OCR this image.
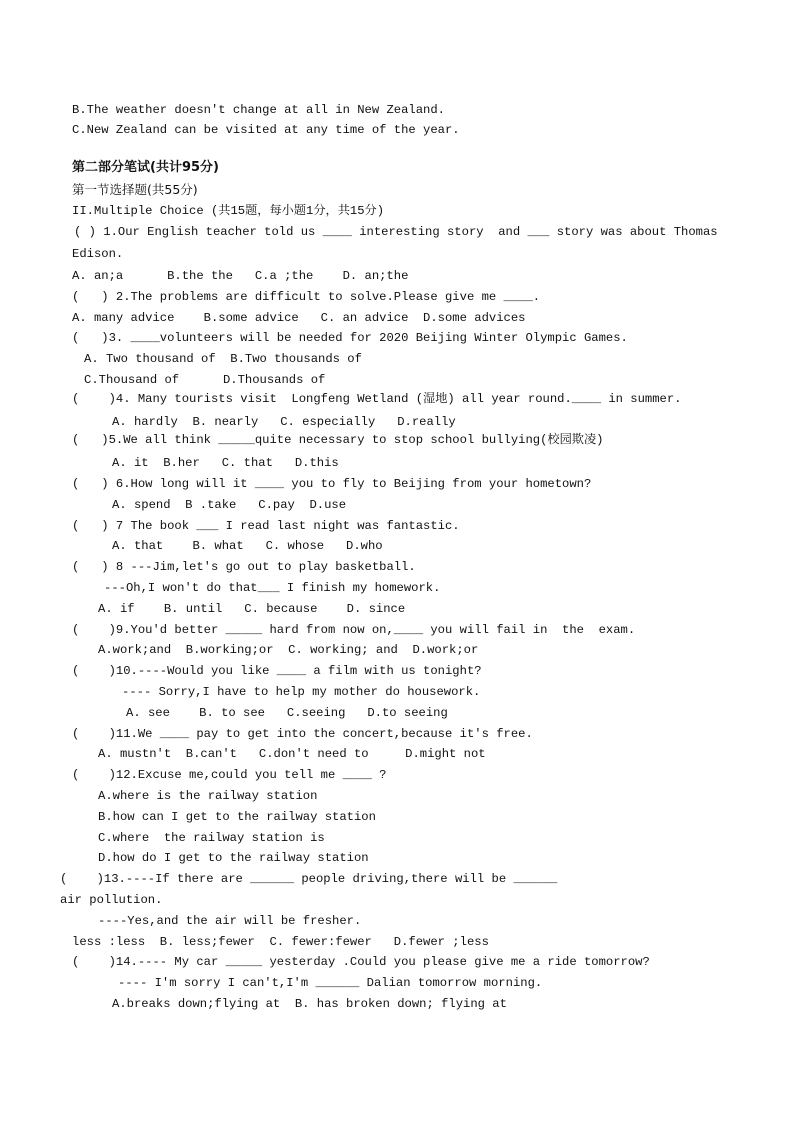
B.The weather doesn't change at all in New Zealand.
C.New Zealand can be visited at any time of the year.
第二部分笔试(共计95分)
第一节选择题(共55分)
II.Multiple Choice (共15题，每小题1分，共15分)
( ) 1.Our English teacher told us ____ interesting story  and ___ story was about Thomas
Edison.
A. an;a      B.the the   C.a ;the    D. an;the
(   ) 2.The problems are difficult to solve.Please give me ____.
A. many advice    B.some advice   C. an advice  D.some advices
(   )3. ____volunteers will be needed for 2020 Beijing Winter Olympic Games.
A. Two thousand of  B.Two thousands of
C.Thousand of      D.Thousands of
(    )4. Many tourists visit  Longfeng Wetland (湿地) all year round.____ in summer.
A. hardly  B. nearly   C. especially   D.really
(   )5.We all think _____quite necessary to stop school bullying(校园欺凌)
A. it  B.her   C. that   D.this
(   ) 6.How long will it ____ you to fly to Beijing from your hometown?
A. spend  B .take   C.pay  D.use
(   ) 7 The book ___ I read last night was fantastic.
A. that    B. what   C. whose   D.who
(   ) 8 ---Jim,let's go out to play basketball.
---Oh,I won't do that___ I finish my homework.
A. if    B. until   C. because    D. since
(    )9.You'd better _____ hard from now on,____ you will fail in  the  exam.
A.work;and  B.working;or  C. working; and  D.work;or
(    )10.----Would you like ____ a film with us tonight?
---- Sorry,I have to help my mother do housework.
A. see    B. to see   C.seeing   D.to seeing
(    )11.We ____ pay to get into the concert,because it's free.
A. mustn't  B.can't   C.don't need to     D.might not
(    )12.Excuse me,could you tell me ____ ?
A.where is the railway station
B.how can I get to the railway station
C.where  the railway station is
D.how do I get to the railway station
(    )13.----If there are ______ people driving,there will be ______
air pollution.
----Yes,and the air will be fresher.
less :less  B. less;fewer  C. fewer:fewer   D.fewer ;less
(    )14.---- My car _____ yesterday .Could you please give me a ride tomorrow?
---- I'm sorry I can't,I'm ______ Dalian tomorrow morning.
A.breaks down;flying at  B. has broken down; flying at
